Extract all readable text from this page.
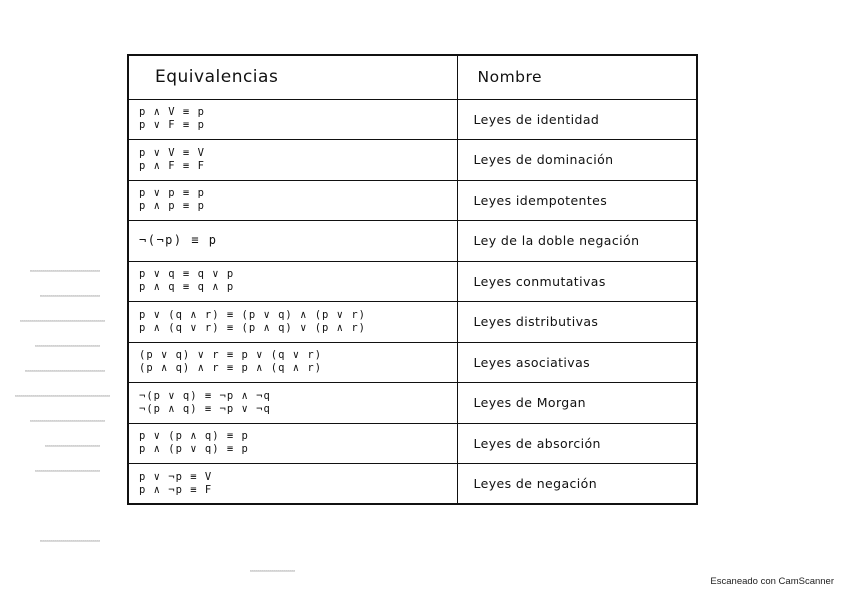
Equivalencias	Nombre

p ∧ V ≡ p
p ∨ F ≡ p	Leyes de identidad

p ∨ V ≡ V
p ∧ F ≡ F	Leyes de dominación

p ∨ p ≡ p
p ∧ p ≡ p	Leyes idempotentes

¬(¬p) ≡ p	Ley de la doble negación

p ∨ q ≡ q ∨ p
p ∧ q ≡ q ∧ p	Leyes conmutativas

p ∨ (q ∧ r) ≡ (p ∨ q) ∧ (p ∨ r)
p ∧ (q ∨ r) ≡ (p ∧ q) ∨ (p ∧ r)	Leyes distributivas

(p ∨ q) ∨ r ≡ p ∨ (q ∨ r)
(p ∧ q) ∧ r ≡ p ∧ (q ∧ r)	Leyes asociativas

¬(p ∨ q) ≡ ¬p ∧ ¬q
¬(p ∧ q) ≡ ¬p ∨ ¬q	Leyes de Morgan

p ∨ (p ∧ q) ≡ p
p ∧ (p ∨ q) ≡ p	Leyes de absorción

p ∨ ¬p ≡ V
p ∧ ¬p ≡ F	Leyes de negación
Escaneado con CamScanner
